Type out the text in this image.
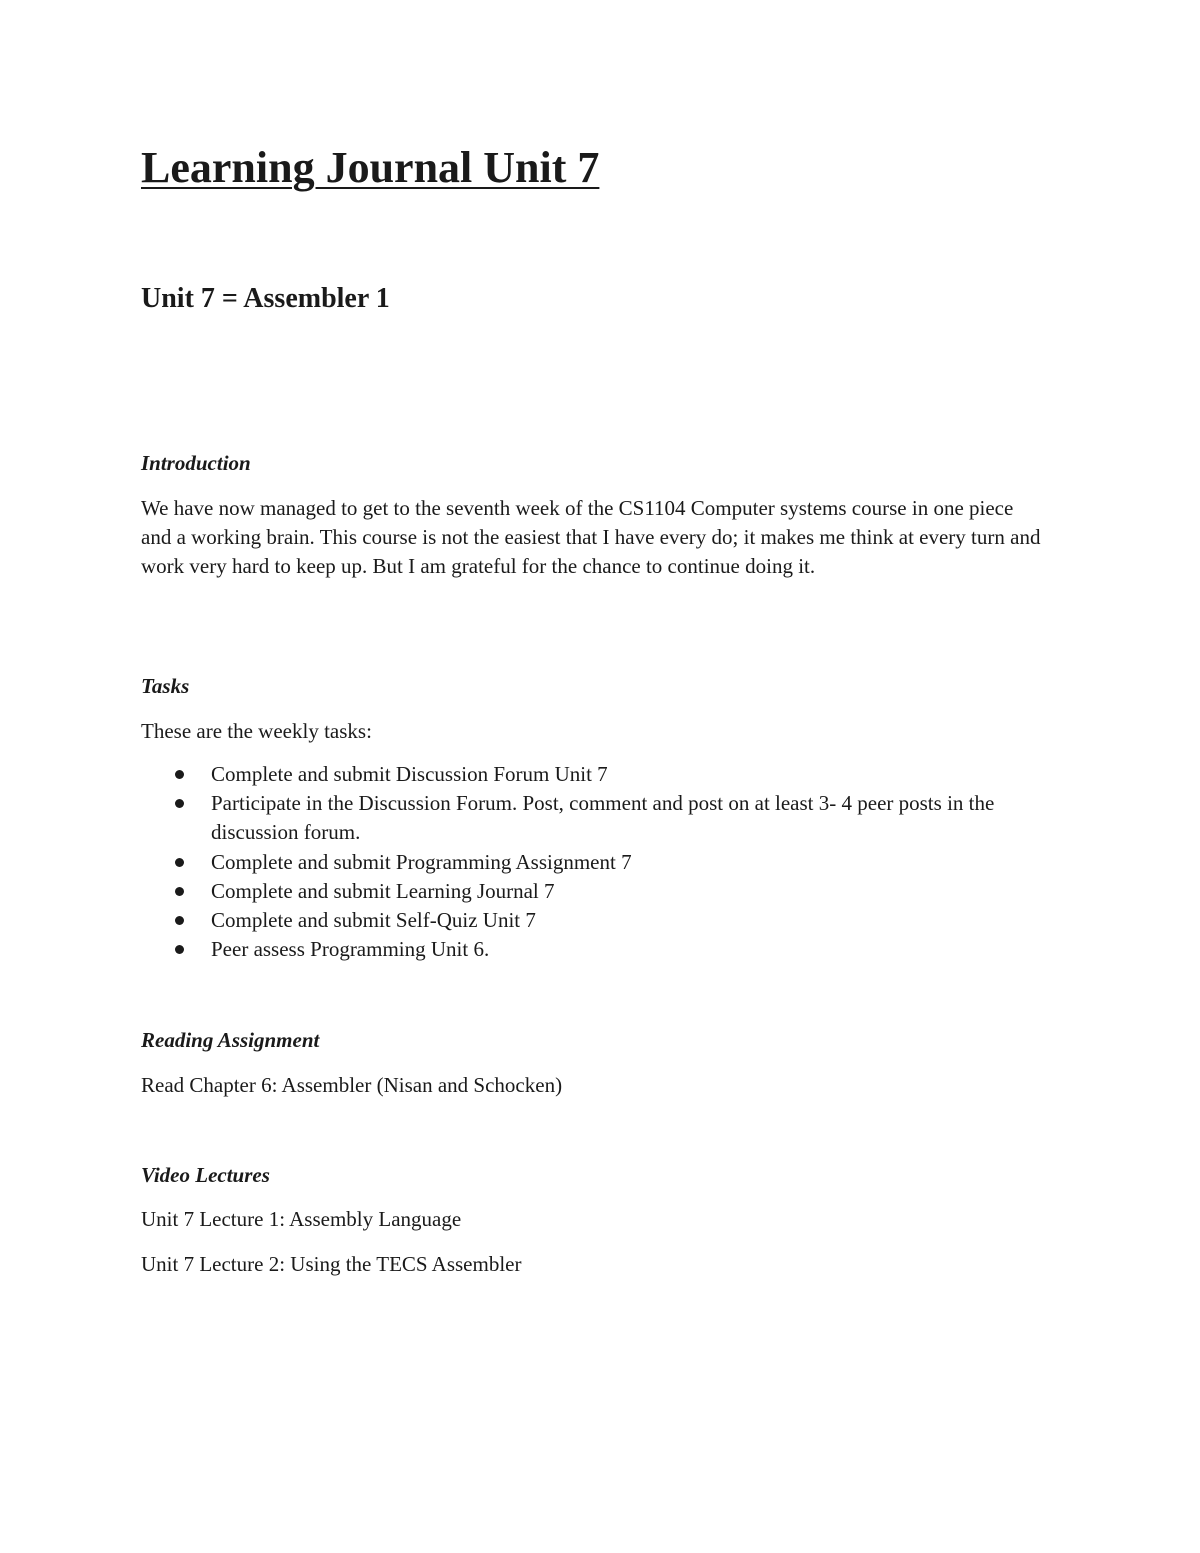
Learning Journal Unit 7
Unit 7 = Assembler 1
Introduction

We have now managed to get to the seventh week of the CS1104 Computer systems course in one piece and a working brain. This course is not the easiest that I have every do; it makes me think at every turn and work very hard to keep up. But I am grateful for the chance to continue doing it.

Tasks

These are the weekly tasks:

Complete and submit Discussion Forum Unit 7
Participate in the Discussion Forum. Post, comment and post on at least 3- 4 peer posts in the discussion forum.
Complete and submit Programming Assignment 7
Complete and submit Learning Journal 7
Complete and submit Self-Quiz Unit 7
Peer assess Programming Unit 6.
Reading Assignment

Read Chapter 6: Assembler (Nisan and Schocken)

Video Lectures

Unit 7 Lecture 1: Assembly Language

Unit 7 Lecture 2: Using the TECS Assembler
